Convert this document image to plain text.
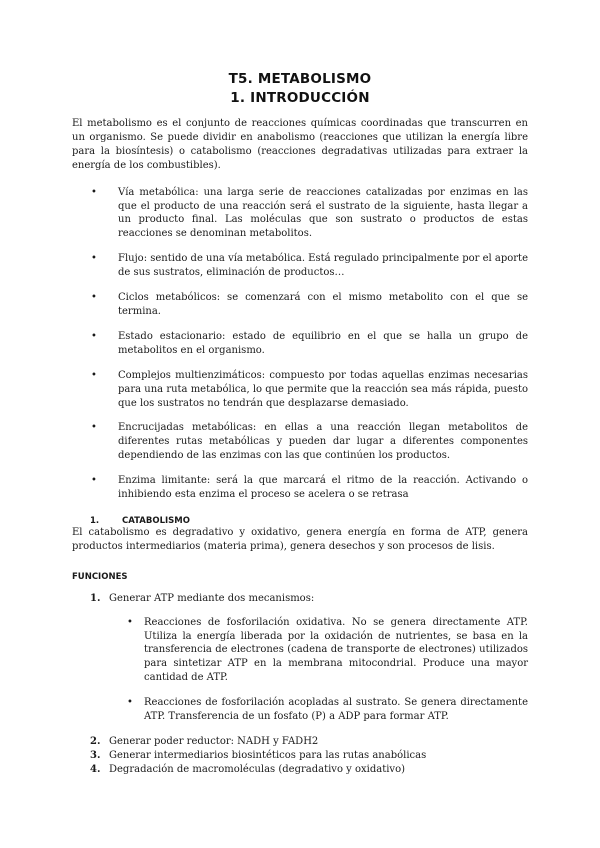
T5. METABOLISMO
1. INTRODUCCIÓN

El metabolismo es el conjunto de reacciones químicas coordinadas que transcurren en un organismo. Se puede dividir en anabolismo (reacciones que utilizan la energía libre para la biosíntesis) o catabolismo (reacciones degradativas utilizadas para extraer la energía de los combustibles).

• Vía metabólica: una larga serie de reacciones catalizadas por enzimas en las que el producto de una reacción será el sustrato de la siguiente, hasta llegar a un producto final. Las moléculas que son sustrato o productos de estas reacciones se denominan metabolitos.

• Flujo: sentido de una vía metabólica. Está regulado principalmente por el aporte de sus sustratos, eliminación de productos…

• Ciclos metabólicos: se comenzará con el mismo metabolito con el que se termina.

• Estado estacionario: estado de equilibrio en el que se halla un grupo de metabolitos en el organismo.

• Complejos multienzimáticos: compuesto por todas aquellas enzimas necesarias para una ruta metabólica, lo que permite que la reacción sea más rápida, puesto que los sustratos no tendrán que desplazarse demasiado.

• Encrucijadas metabólicas: en ellas a una reacción llegan metabolitos de diferentes rutas metabólicas y pueden dar lugar a diferentes componentes dependiendo de las enzimas con las que continúen los productos.

• Enzima limitante: será la que marcará el ritmo de la reacción. Activando o inhibiendo esta enzima el proceso se acelera o se retrasa

1.	CATABOLISMO

El catabolismo es degradativo y oxidativo, genera energía en forma de ATP, genera productos intermediarios (materia prima), genera desechos y son procesos de lisis.

FUNCIONES
1. Generar ATP mediante dos mecanismos:

• Reacciones de fosforilación oxidativa. No se genera directamente ATP. Utiliza la energía liberada por la oxidación de nutrientes, se basa en la transferencia de electrones (cadena de transporte de electrones) utilizados para sintetizar ATP en la membrana mitocondrial. Produce una mayor cantidad de ATP.

• Reacciones de fosforilación acopladas al sustrato. Se genera directamente ATP. Transferencia de un fosfato (P) a ADP para formar ATP.

2. Generar poder reductor: NADH y FADH2

3. Generar intermediarios biosintéticos para las rutas anabólicas

4. Degradación de macromoléculas (degradativo y oxidativo)
